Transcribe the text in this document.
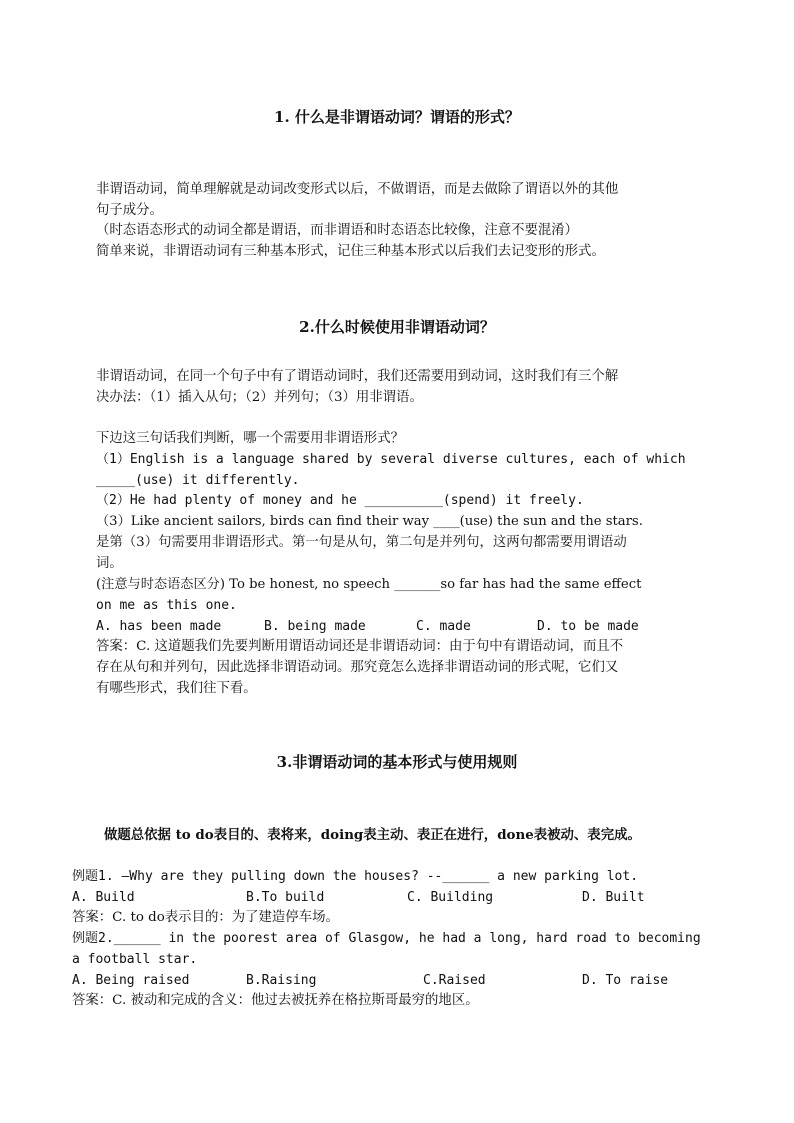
1. 什么是非谓语动词？谓语的形式？
非谓语动词，简单理解就是动词改变形式以后，不做谓语，而是去做除了谓语以外的其他
句子成分。
（时态语态形式的动词全都是谓语，而非谓语和时态语态比较像，注意不要混淆）
简单来说，非谓语动词有三种基本形式，记住三种基本形式以后我们去记变形的形式。
2.什么时候使用非谓语动词？
非谓语动词，在同一个句子中有了谓语动词时，我们还需要用到动词，这时我们有三个解
决办法：（1）插入从句；（2）并列句；（3）用非谓语。
下边这三句话我们判断，哪一个需要用非谓语形式？
（1）English is a language shared by several diverse cultures, each of which
_____(use) it differently.
（2）He had plenty of money and he __________(spend) it freely.
（3）Like ancient sailors, birds can find their way ____(use) the sun and the stars.
是第（3）句需要用非谓语形式。第一句是从句，第二句是并列句，这两句都需要用谓语动
词。
(注意与时态语态区分) To be honest, no speech _______so far has had the same effect
on me as this one.
A. has been made	B. being made	C. made	D. to be made
答案：C. 这道题我们先要判断用谓语动词还是非谓语动词：由于句中有谓语动词，而且不
存在从句和并列句，因此选择非谓语动词。那究竟怎么选择非谓语动词的形式呢，它们又
有哪些形式，我们往下看。
3.非谓语动词的基本形式与使用规则
做题总依据 to do表目的、表将来，doing表主动、表正在进行，done表被动、表完成。
例题1. –Why are they pulling down the houses? --______ a new parking lot.
A. Build	B.To build	C. Building	D. Built
答案：C. to do表示目的：为了建造停车场。
例题2.______ in the poorest area of Glasgow, he had a long, hard road to becoming
a football star.
A. Being raised	B.Raising	C.Raised	D. To raise
答案：C. 被动和完成的含义：他过去被抚养在格拉斯哥最穷的地区。
